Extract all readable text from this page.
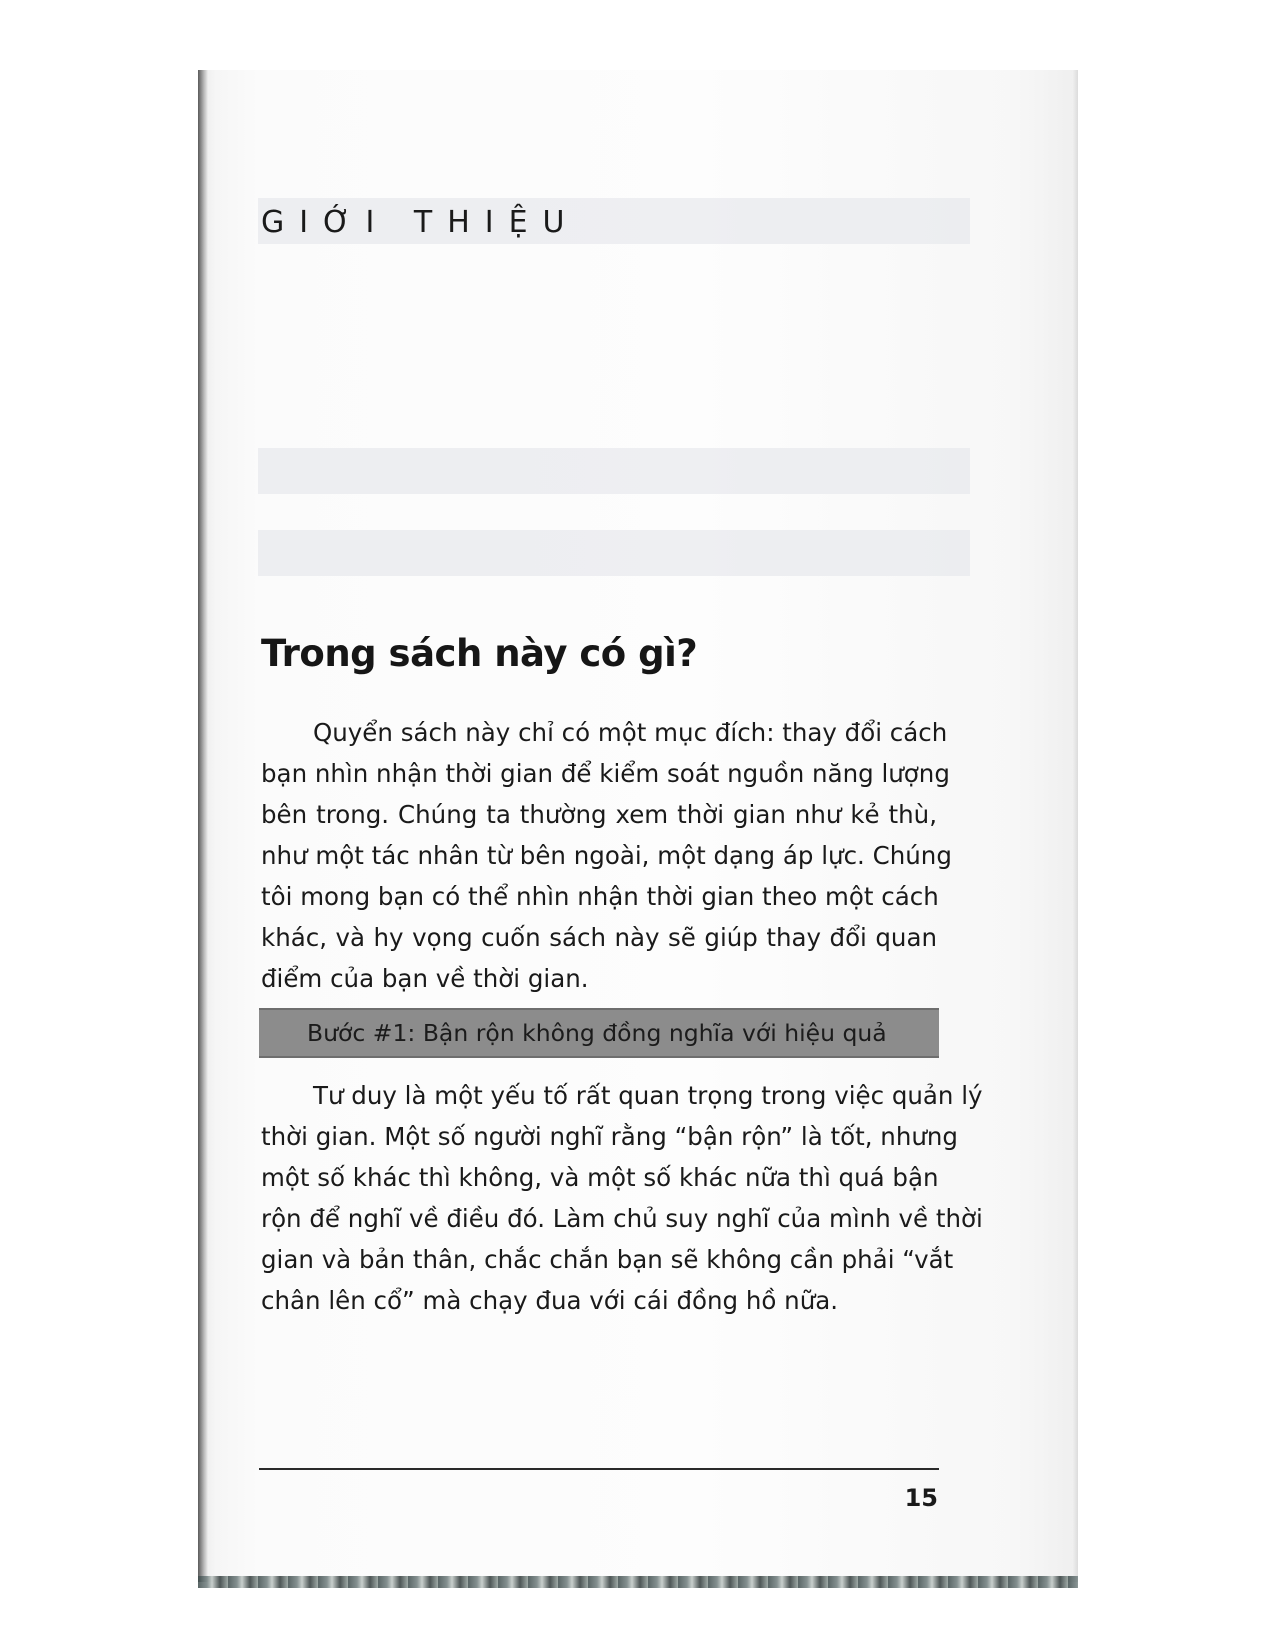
GIỚI THIỆU
Trong sách này có gì?
Quyển sách này chỉ có một mục đích: thay đổi cách
bạn nhìn nhận thời gian để kiểm soát nguồn năng lượng
bên trong. Chúng ta thường xem thời gian như kẻ thù,
như một tác nhân từ bên ngoài, một dạng áp lực. Chúng
tôi mong bạn có thể nhìn nhận thời gian theo một cách
khác, và hy vọng cuốn sách này sẽ giúp thay đổi quan
điểm của bạn về thời gian.
Bước #1: Bận rộn không đồng nghĩa với hiệu quả
Tư duy là một yếu tố rất quan trọng trong việc quản lý
thời gian. Một số người nghĩ rằng “bận rộn” là tốt, nhưng
một số khác thì không, và một số khác nữa thì quá bận
rộn để nghĩ về điều đó. Làm chủ suy nghĩ của mình về thời
gian và bản thân, chắc chắn bạn sẽ không cần phải “vắt
chân lên cổ” mà chạy đua với cái đồng hồ nữa.
15
